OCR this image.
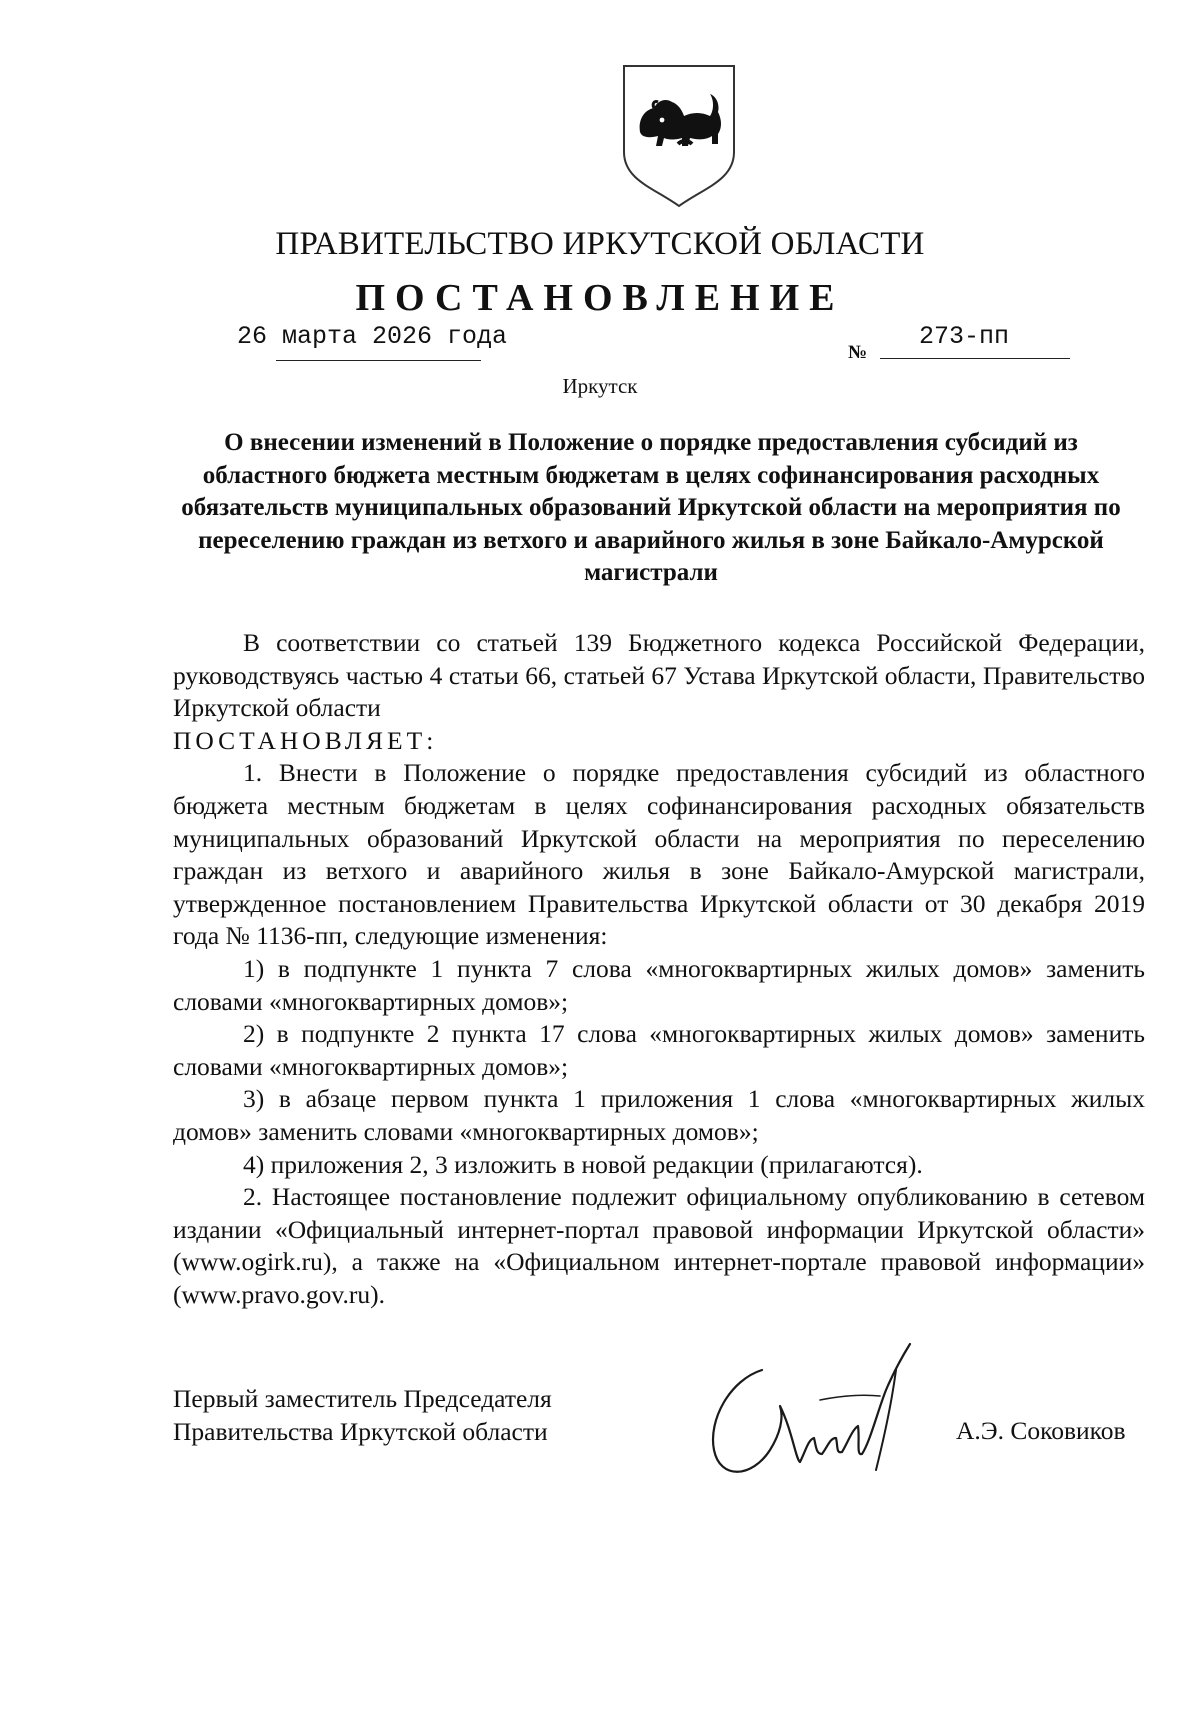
ПРАВИТЕЛЬСТВО ИРКУТСКОЙ ОБЛАСТИ
ПОСТАНОВЛЕНИЕ
26 марта 2026 года
№
273-пп
Иркутск
О внесении изменений в Положение о порядке предоставления субсидий из областного бюджета местным бюджетам в целях софинансирования расходных обязательств муниципальных образований Иркутской области на мероприятия по переселению граждан из ветхого и аварийного жилья в зоне Байкало-Амурской магистрали

В соответствии со статьей 139 Бюджетного кодекса Российской Федерации, руководствуясь частью 4 статьи 66, статьей 67 Устава Иркутской области, Правительство Иркутской области

ПОСТАНОВЛЯЕТ:

1. Внести в Положение о порядке предоставления субсидий из областного бюджета местным бюджетам в целях софинансирования расходных обязательств муниципальных образований Иркутской области на мероприятия по переселению граждан из ветхого и аварийного жилья в зоне Байкало-Амурской магистрали, утвержденное постановлением Правительства Иркутской области от 30 декабря 2019 года № 1136-пп, следующие изменения:

1) в подпункте 1 пункта 7 слова «многоквартирных жилых домов» заменить словами «многоквартирных домов»;

2) в подпункте 2 пункта 17 слова «многоквартирных жилых домов» заменить словами «многоквартирных домов»;

3) в абзаце первом пункта 1 приложения 1 слова «многоквартирных жилых домов» заменить словами «многоквартирных домов»;

4) приложения 2, 3 изложить в новой редакции (прилагаются).

2. Настоящее постановление подлежит официальному опубликованию в сетевом издании «Официальный интернет-портал правовой информации Иркутской области» (www.ogirk.ru), а также на «Официальном интернет-портале правовой информации» (www.pravo.gov.ru).

Первый заместитель Председателя
Правительства Иркутской области	А.Э. Соковиков
